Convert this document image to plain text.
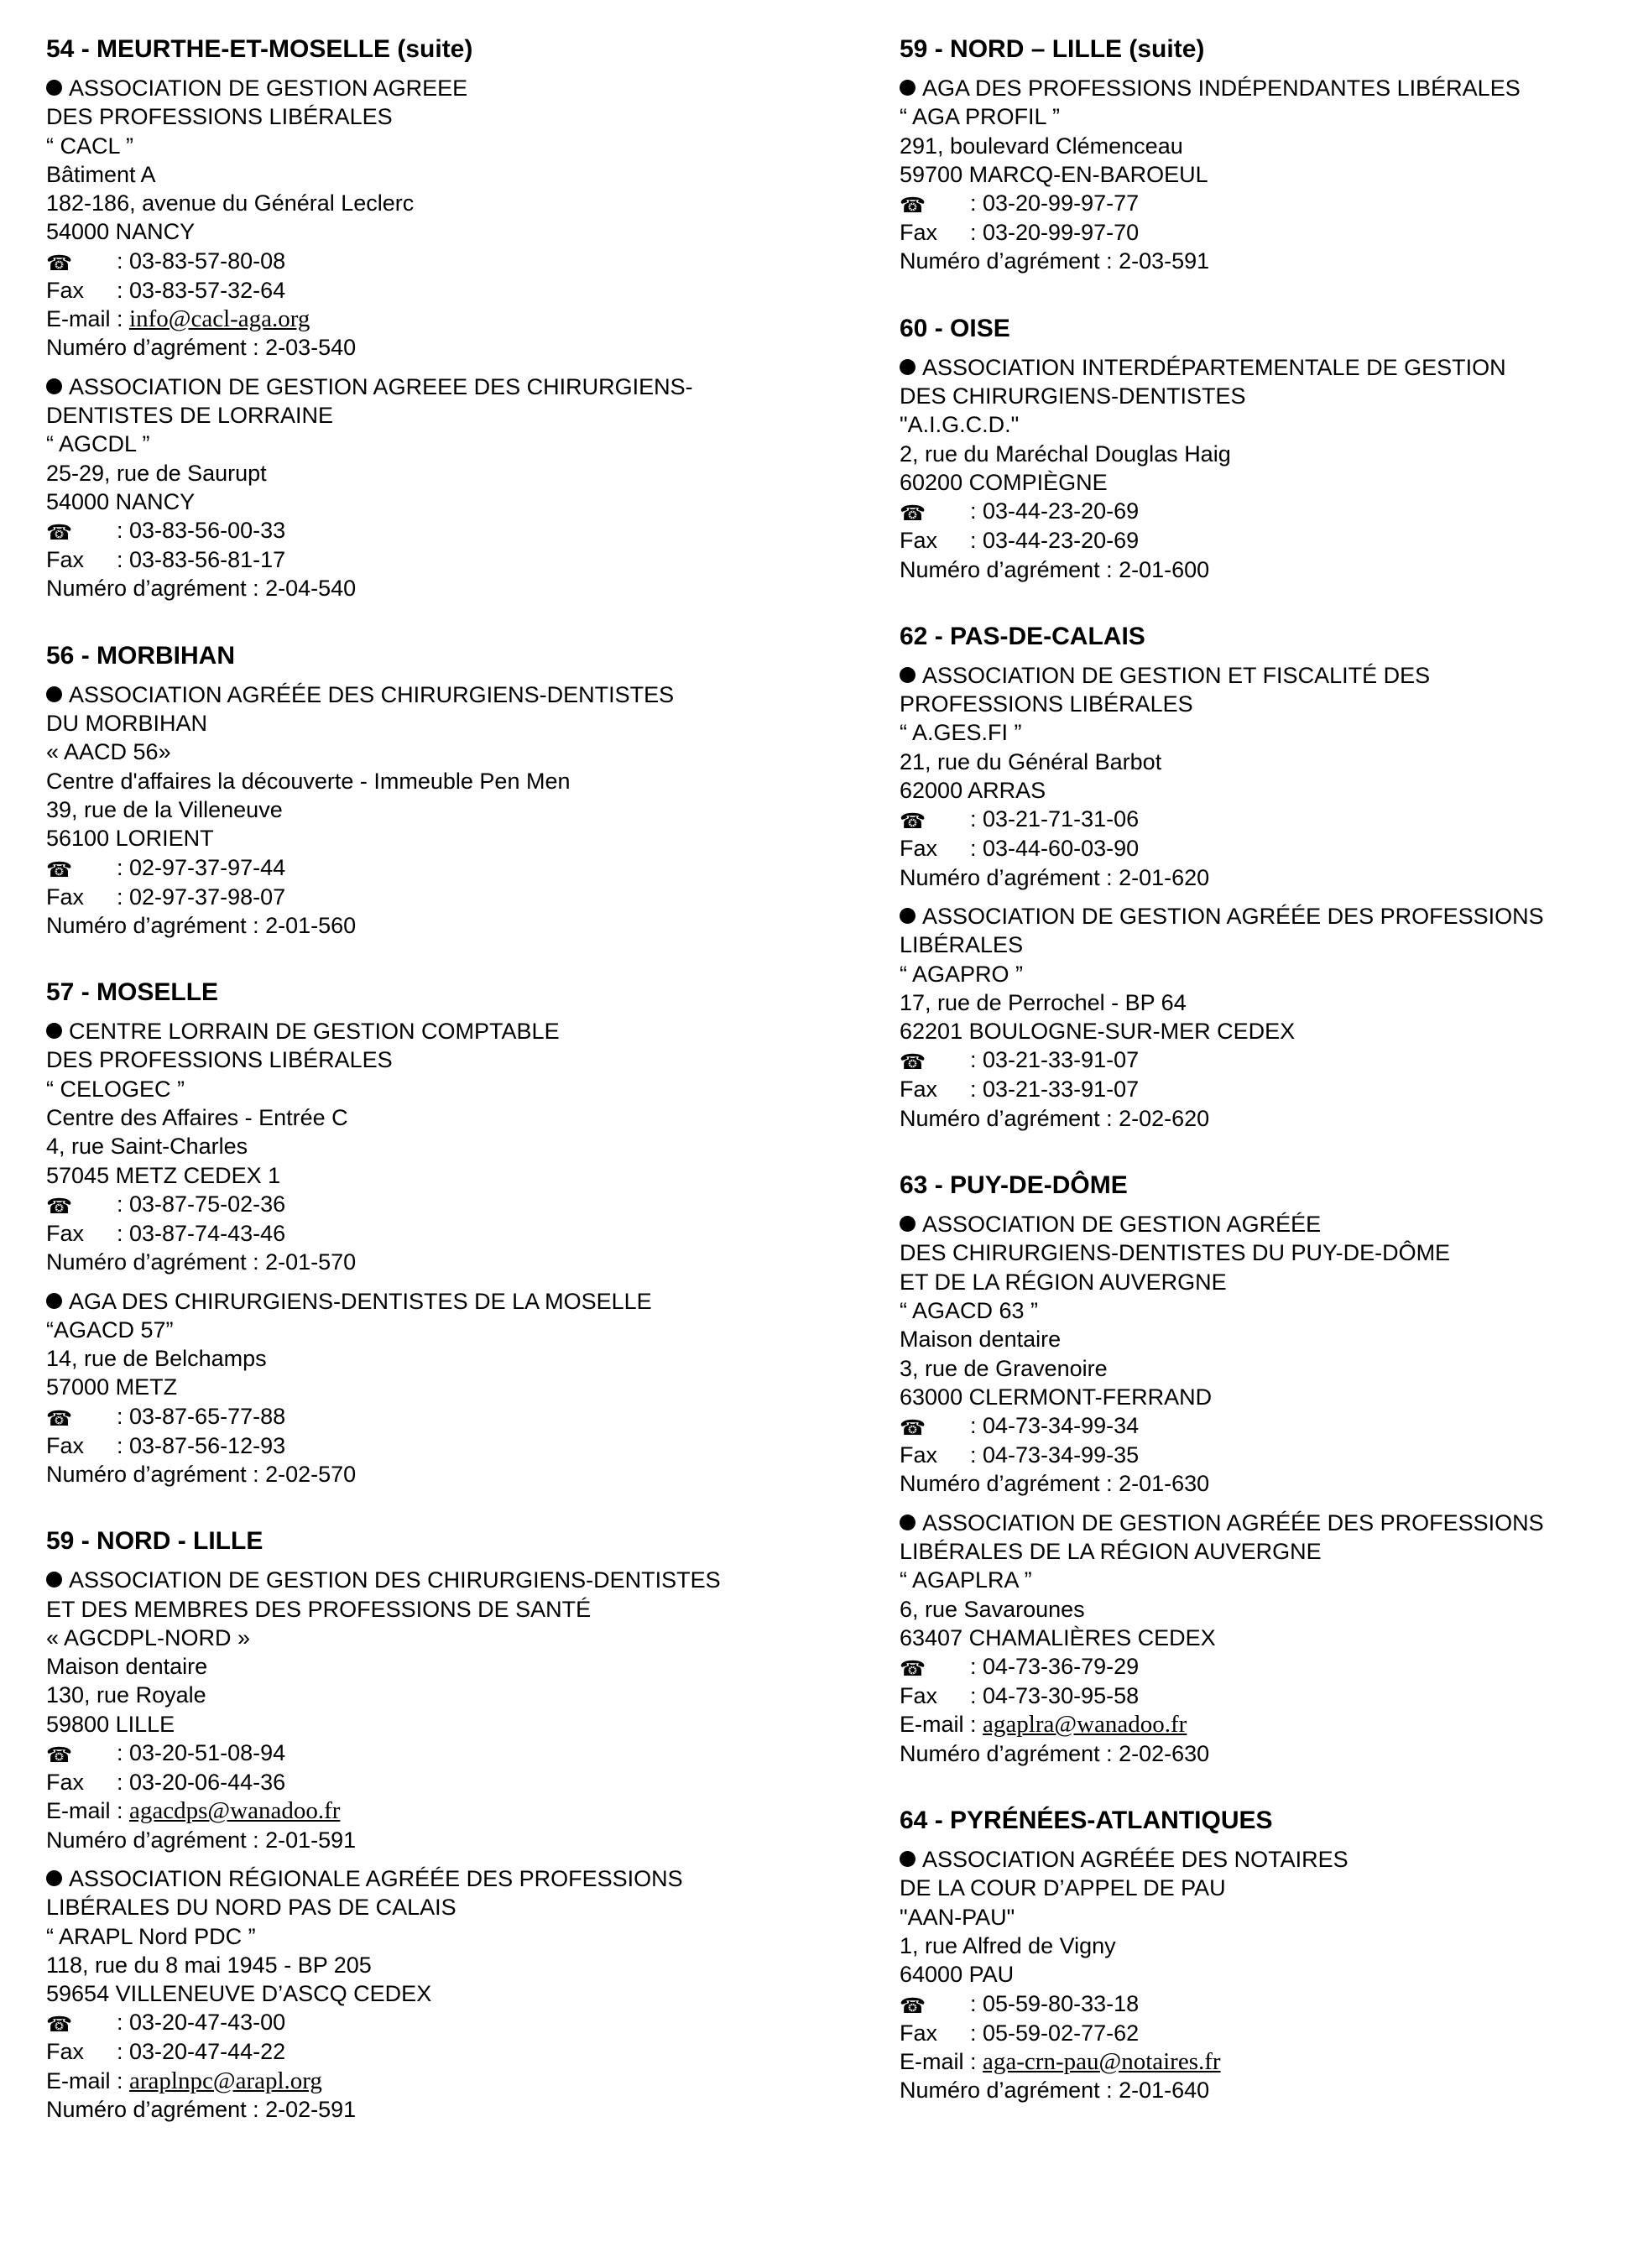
54 - MEURTHE-ET-MOSELLE (suite)
ASSOCIATION DE GESTION AGREEE
DES PROFESSIONS LIBÉRALES
“ CACL ”
Bâtiment A
182-186, avenue du Général Leclerc
54000 NANCY
☎ : 03-83-57-80-08
Fax : 03-83-57-32-64
E-mail : info@cacl-aga.org
Numéro d’agrément : 2-03-540
ASSOCIATION DE GESTION AGREEE DES CHIRURGIENS-
DENTISTES DE LORRAINE
“ AGCDL ”
25-29, rue de Saurupt
54000 NANCY
☎ : 03-83-56-00-33
Fax : 03-83-56-81-17
Numéro d’agrément : 2-04-540
56 - MORBIHAN
ASSOCIATION AGRÉÉE DES CHIRURGIENS-DENTISTES
DU MORBIHAN
« AACD 56»
Centre d'affaires la découverte - Immeuble Pen Men
39, rue de la Villeneuve
56100 LORIENT
☎ : 02-97-37-97-44
Fax : 02-97-37-98-07
Numéro d’agrément : 2-01-560
57 - MOSELLE
CENTRE LORRAIN DE GESTION COMPTABLE
DES PROFESSIONS LIBÉRALES
“ CELOGEC ”
Centre des Affaires - Entrée C
4, rue Saint-Charles
57045 METZ CEDEX 1
☎ : 03-87-75-02-36
Fax : 03-87-74-43-46
Numéro d’agrément : 2-01-570
AGA DES CHIRURGIENS-DENTISTES DE LA MOSELLE
“AGACD 57”
14, rue de Belchamps
57000 METZ
☎ : 03-87-65-77-88
Fax : 03-87-56-12-93
Numéro d’agrément : 2-02-570
59 - NORD - LILLE
ASSOCIATION DE GESTION DES CHIRURGIENS-DENTISTES
ET DES MEMBRES DES PROFESSIONS DE SANTÉ
« AGCDPL-NORD »
Maison dentaire
130, rue Royale
59800 LILLE
☎ : 03-20-51-08-94
Fax : 03-20-06-44-36
E-mail : agacdps@wanadoo.fr
Numéro d’agrément : 2-01-591
ASSOCIATION RÉGIONALE AGRÉÉE DES PROFESSIONS
LIBÉRALES DU NORD PAS DE CALAIS
“ ARAPL Nord PDC ”
118, rue du 8 mai 1945 - BP 205
59654 VILLENEUVE D’ASCQ CEDEX
☎ : 03-20-47-43-00
Fax : 03-20-47-44-22
E-mail : araplnpc@arapl.org
Numéro d’agrément : 2-02-591
59 - NORD – LILLE (suite)
AGA DES PROFESSIONS INDÉPENDANTES LIBÉRALES
“ AGA PROFIL ”
291, boulevard Clémenceau
59700 MARCQ-EN-BAROEUL
☎ : 03-20-99-97-77
Fax : 03-20-99-97-70
Numéro d’agrément : 2-03-591
60 - OISE
ASSOCIATION INTERDÉPARTEMENTALE DE GESTION
DES CHIRURGIENS-DENTISTES
"A.I.G.C.D."
2, rue du Maréchal Douglas Haig
60200 COMPIÈGNE
☎ : 03-44-23-20-69
Fax : 03-44-23-20-69
Numéro d’agrément : 2-01-600
62 - PAS-DE-CALAIS
ASSOCIATION DE GESTION ET FISCALITÉ DES
PROFESSIONS LIBÉRALES
“ A.GES.FI ”
21, rue du Général Barbot
62000 ARRAS
☎ : 03-21-71-31-06
Fax : 03-44-60-03-90
Numéro d’agrément : 2-01-620
ASSOCIATION DE GESTION AGRÉÉE DES PROFESSIONS
LIBÉRALES
“ AGAPRO ”
17, rue de Perrochel - BP 64
62201 BOULOGNE-SUR-MER CEDEX
☎ : 03-21-33-91-07
Fax : 03-21-33-91-07
Numéro d’agrément : 2-02-620
63 - PUY-DE-DÔME
ASSOCIATION DE GESTION AGRÉÉE
DES CHIRURGIENS-DENTISTES DU PUY-DE-DÔME
ET DE LA RÉGION AUVERGNE
“ AGACD 63 ”
Maison dentaire
3, rue de Gravenoire
63000 CLERMONT-FERRAND
☎ : 04-73-34-99-34
Fax : 04-73-34-99-35
Numéro d’agrément : 2-01-630
ASSOCIATION DE GESTION AGRÉÉE DES PROFESSIONS
LIBÉRALES DE LA RÉGION AUVERGNE
“ AGAPLRA ”
6, rue Savarounes
63407 CHAMALIÈRES CEDEX
☎ : 04-73-36-79-29
Fax : 04-73-30-95-58
E-mail : agaplra@wanadoo.fr
Numéro d’agrément : 2-02-630
64 - PYRÉNÉES-ATLANTIQUES
ASSOCIATION AGRÉÉE DES NOTAIRES
DE LA COUR D’APPEL DE PAU
"AAN-PAU"
1, rue Alfred de Vigny
64000 PAU
☎ : 05-59-80-33-18
Fax : 05-59-02-77-62
E-mail : aga-crn-pau@notaires.fr
Numéro d’agrément : 2-01-640
